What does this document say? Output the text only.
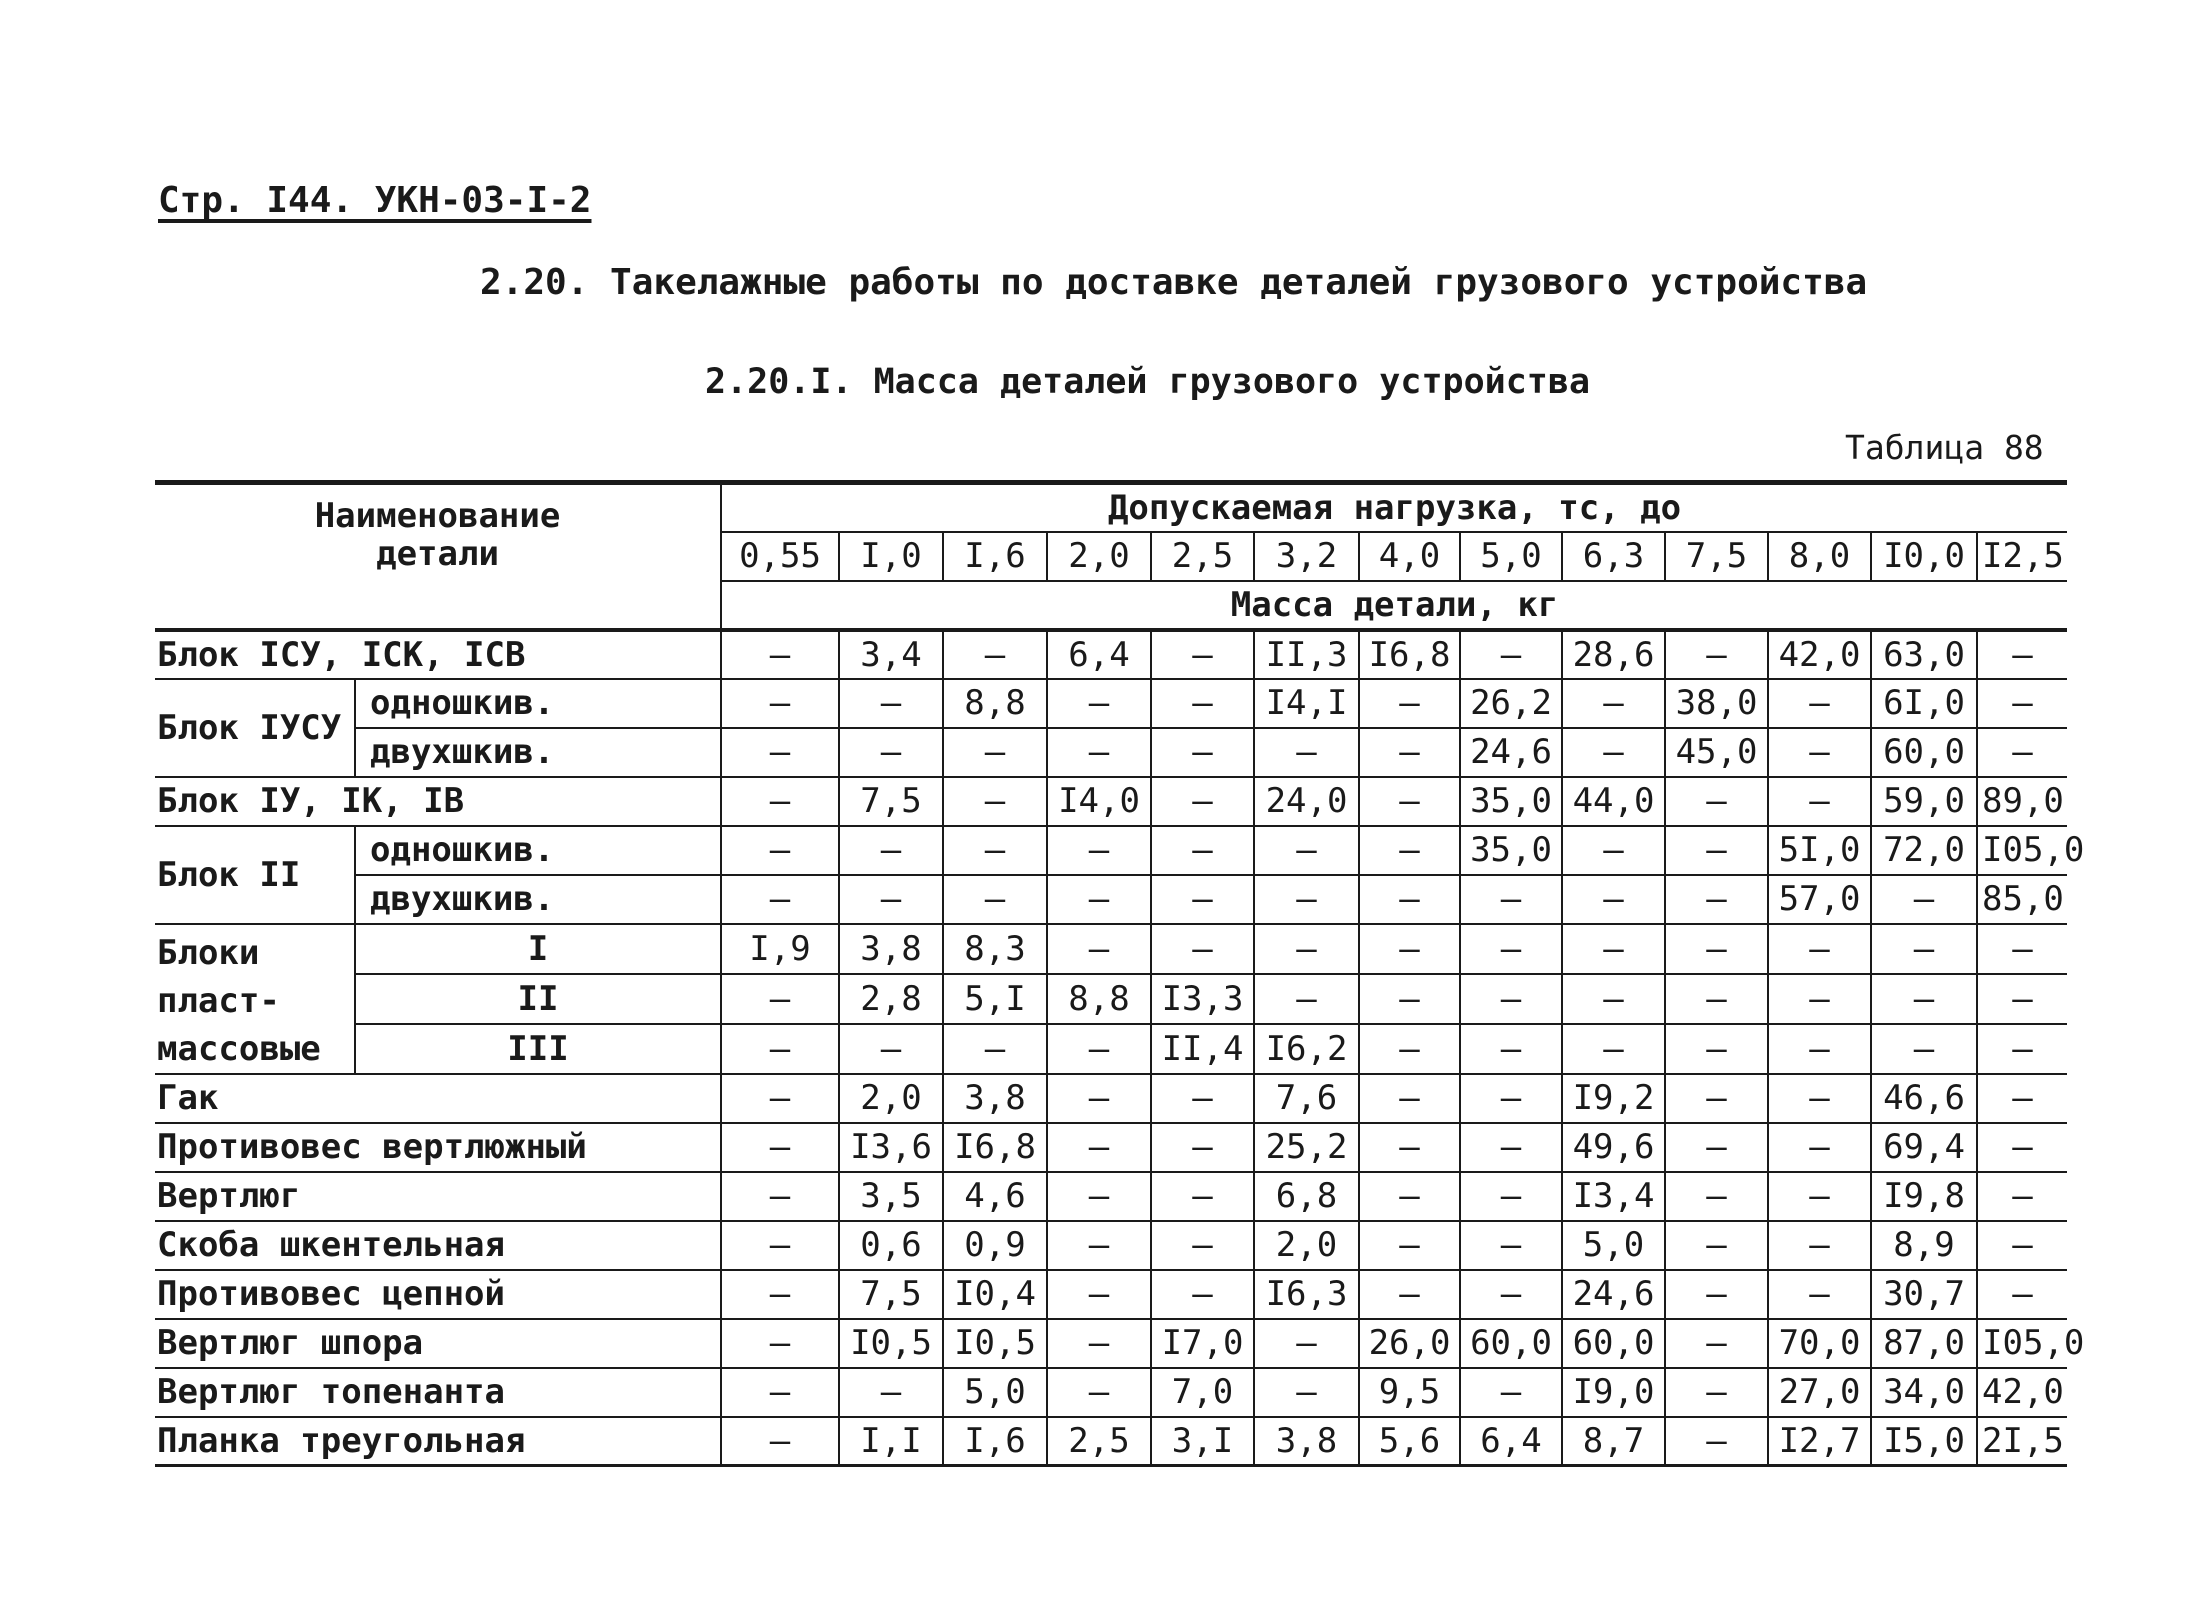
Стр. I44. УКН-03-I-2
2.20. Такелажные работы по доставке деталей грузового устройства
2.20.I. Масса деталей грузового устройства
Таблица 88
Наименование
детали		Допускаемая нагрузка, тс, до												
		0,55	I,0	I,6	2,0	2,5	3,2	4,0	5,0	6,3	7,5	8,0	I0,0	I2,5
		Масса детали, кг												
Блок ICУ, ICК, ICВ		–	3,4	–	6,4	–	II,3	I6,8	–	28,6	–	42,0	63,0	–
Блок IУСУ	одношкив.	–	–	8,8	–	–	I4,I	–	26,2	–	38,0	–	6I,0	–
	двухшкив.	–	–	–	–	–	–	–	24,6	–	45,0	–	60,0	–
Блок IУ, IК, IВ		–	7,5	–	I4,0	–	24,0	–	35,0	44,0	–	–	59,0	89,0
Блок II	одношкив.	–	–	–	–	–	–	–	35,0	–	–	5I,0	72,0	I05,0
	двухшкив.	–	–	–	–	–	–	–	–	–	–	57,0	–	85,0
Блоки пласт-
массовые	I	I,9	3,8	8,3	–	–	–	–	–	–	–	–	–	–
	II	–	2,8	5,I	8,8	I3,3	–	–	–	–	–	–	–	–
	III	–	–	–	–	II,4	I6,2	–	–	–	–	–	–	–
Гак		–	2,0	3,8	–	–	7,6	–	–	I9,2	–	–	46,6	–
Противовес вертлюжный		–	I3,6	I6,8	–	–	25,2	–	–	49,6	–	–	69,4	–
Вертлюг		–	3,5	4,6	–	–	6,8	–	–	I3,4	–	–	I9,8	–
Скоба шкентельная		–	0,6	0,9	–	–	2,0	–	–	5,0	–	–	8,9	–
Противовес цепной		–	7,5	I0,4	–	–	I6,3	–	–	24,6	–	–	30,7	–
Вертлюг шпора		–	I0,5	I0,5	–	I7,0	–	26,0	60,0	60,0	–	70,0	87,0	I05,0
Вертлюг топенанта		–	–	5,0	–	7,0	–	9,5	–	I9,0	–	27,0	34,0	42,0
Планка треугольная		–	I,I	I,6	2,5	3,I	3,8	5,6	6,4	8,7	–	I2,7	I5,0	2I,5
